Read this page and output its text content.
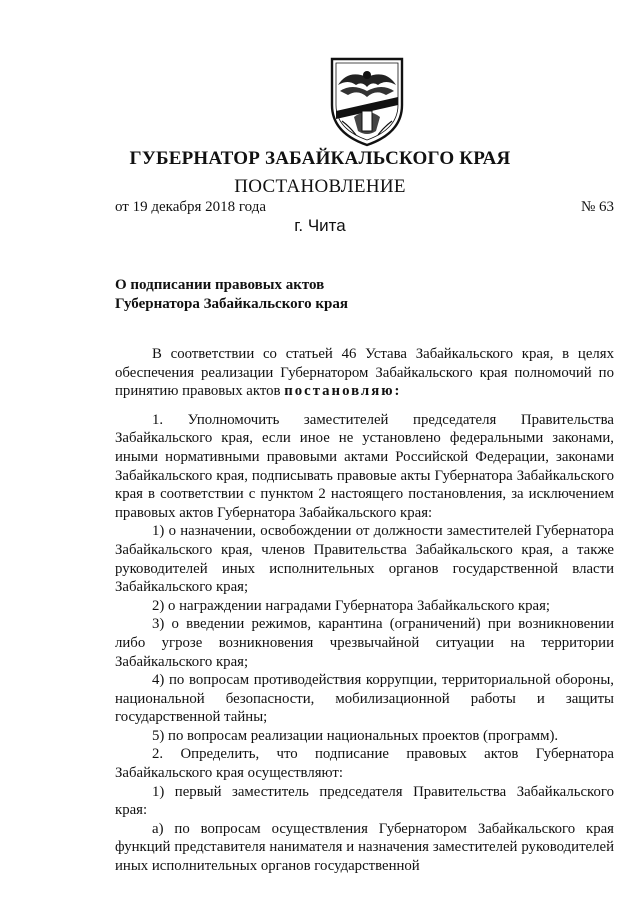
ГУБЕРНАТОР ЗАБАЙКАЛЬСКОГО КРАЯ
ПОСТАНОВЛЕНИЕ
от 19 декабря 2018 года	№ 63
г. Чита
О подписании правовых актов
Губернатора Забайкальского края

В соответствии со статьей 46 Устава Забайкальского края, в целях обеспечения реализации Губернатором Забайкальского края полномочий по принятию правовых актов постановляю:

1. Уполномочить заместителей председателя Правительства Забайкальского края, если иное не установлено федеральными законами, иными нормативными правовыми актами Российской Федерации, законами Забайкальского края, подписывать правовые акты Губернатора Забайкальского края в соответствии с пунктом 2 настоящего постановления, за исключением правовых актов Губернатора Забайкальского края:

1) о назначении, освобождении от должности заместителей Губернатора Забайкальского края, членов Правительства Забайкальского края, а также руководителей иных исполнительных органов государственной власти Забайкальского края;

2) о награждении наградами Губернатора Забайкальского края;

3) о введении режимов, карантина (ограничений) при возникновении либо угрозе возникновения чрезвычайной ситуации на территории Забайкальского края;

4) по вопросам противодействия коррупции, территориальной обороны, национальной безопасности, мобилизационной работы и защиты государственной тайны;

5) по вопросам реализации национальных проектов (программ).

2. Определить, что подписание правовых актов Губернатора Забайкальского края осуществляют:

1) первый заместитель председателя Правительства Забайкальского края:

а) по вопросам осуществления Губернатором Забайкальского края функций представителя нанимателя и назначения заместителей руководителей иных исполнительных органов государственной
